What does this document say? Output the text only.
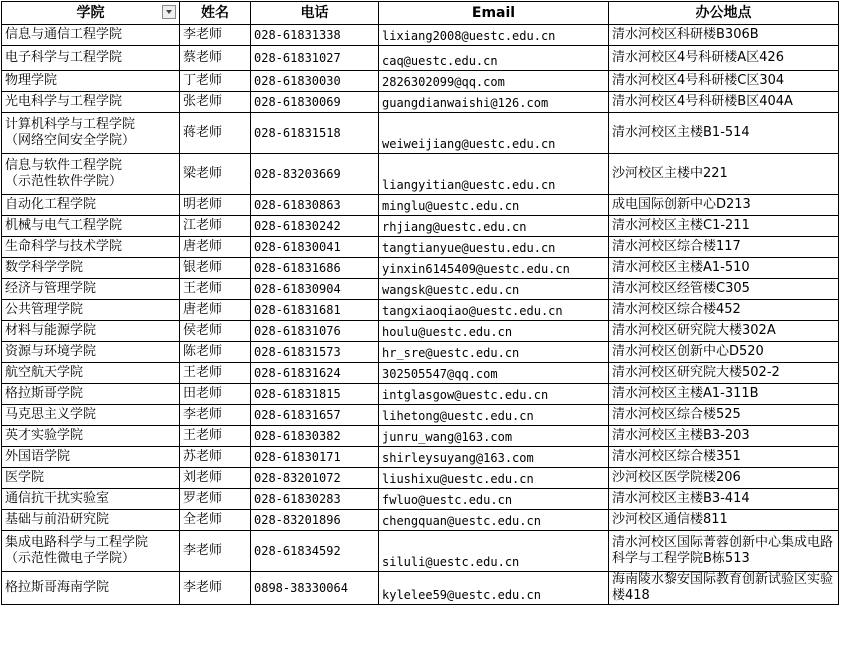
学院	姓名	电话	Email	办公地点
信息与通信工程学院	李老师	028-61831338	lixiang2008@uestc.edu.cn	清水河校区科研楼B306B
电子科学与工程学院	蔡老师	028-61831027	caq@uestc.edu.cn	清水河校区4号科研楼A区426
物理学院	丁老师	028-61830030	2826302099@qq.com	清水河校区4号科研楼C区304
光电科学与工程学院	张老师	028-61830069	guangdianwaishi@126.com	清水河校区4号科研楼B区404A
计算机科学与工程学院
（网络空间安全学院）	蒋老师	028-61831518	weiweijiang@uestc.edu.cn	清水河校区主楼B1-514
信息与软件工程学院
（示范性软件学院）	梁老师	028-83203669	liangyitian@uestc.edu.cn	沙河校区主楼中221
自动化工程学院	明老师	028-61830863	minglu@uestc.edu.cn	成电国际创新中心D213
机械与电气工程学院	江老师	028-61830242	rhjiang@uestc.edu.cn	清水河校区主楼C1-211
生命科学与技术学院	唐老师	028-61830041	tangtianyue@uestu.edu.cn	清水河校区综合楼117
数学科学学院	银老师	028-61831686	yinxin6145409@uestc.edu.cn	清水河校区主楼A1-510
经济与管理学院	王老师	028-61830904	wangsk@uestc.edu.cn	清水河校区经管楼C305
公共管理学院	唐老师	028-61831681	tangxiaoqiao@uestc.edu.cn	清水河校区综合楼452
材料与能源学院	侯老师	028-61831076	houlu@uestc.edu.cn	清水河校区研究院大楼302A
资源与环境学院	陈老师	028-61831573	hr_sre@uestc.edu.cn	清水河校区创新中心D520
航空航天学院	王老师	028-61831624	302505547@qq.com	清水河校区研究院大楼502-2
格拉斯哥学院	田老师	028-61831815	intglasgow@uestc.edu.cn	清水河校区主楼A1-311B
马克思主义学院	李老师	028-61831657	lihetong@uestc.edu.cn	清水河校区综合楼525
英才实验学院	王老师	028-61830382	junru_wang@163.com	清水河校区主楼B3-203
外国语学院	苏老师	028-61830171	shirleysuyang@163.com	清水河校区综合楼351
医学院	刘老师	028-83201072	liushixu@uestc.edu.cn	沙河校区医学院楼206
通信抗干扰实验室	罗老师	028-61830283	fwluo@uestc.edu.cn	清水河校区主楼B3-414
基础与前沿研究院	全老师	028-83201896	chengquan@uestc.edu.cn	沙河校区通信楼811
集成电路科学与工程学院
（示范性微电子学院）	李老师	028-61834592	siluli@uestc.edu.cn	清水河校区国际菁蓉创新中心集成电路科学与工程学院B栋513
格拉斯哥海南学院	李老师	0898-38330064	kylelee59@uestc.edu.cn	海南陵水黎安国际教育创新试验区实验楼418
